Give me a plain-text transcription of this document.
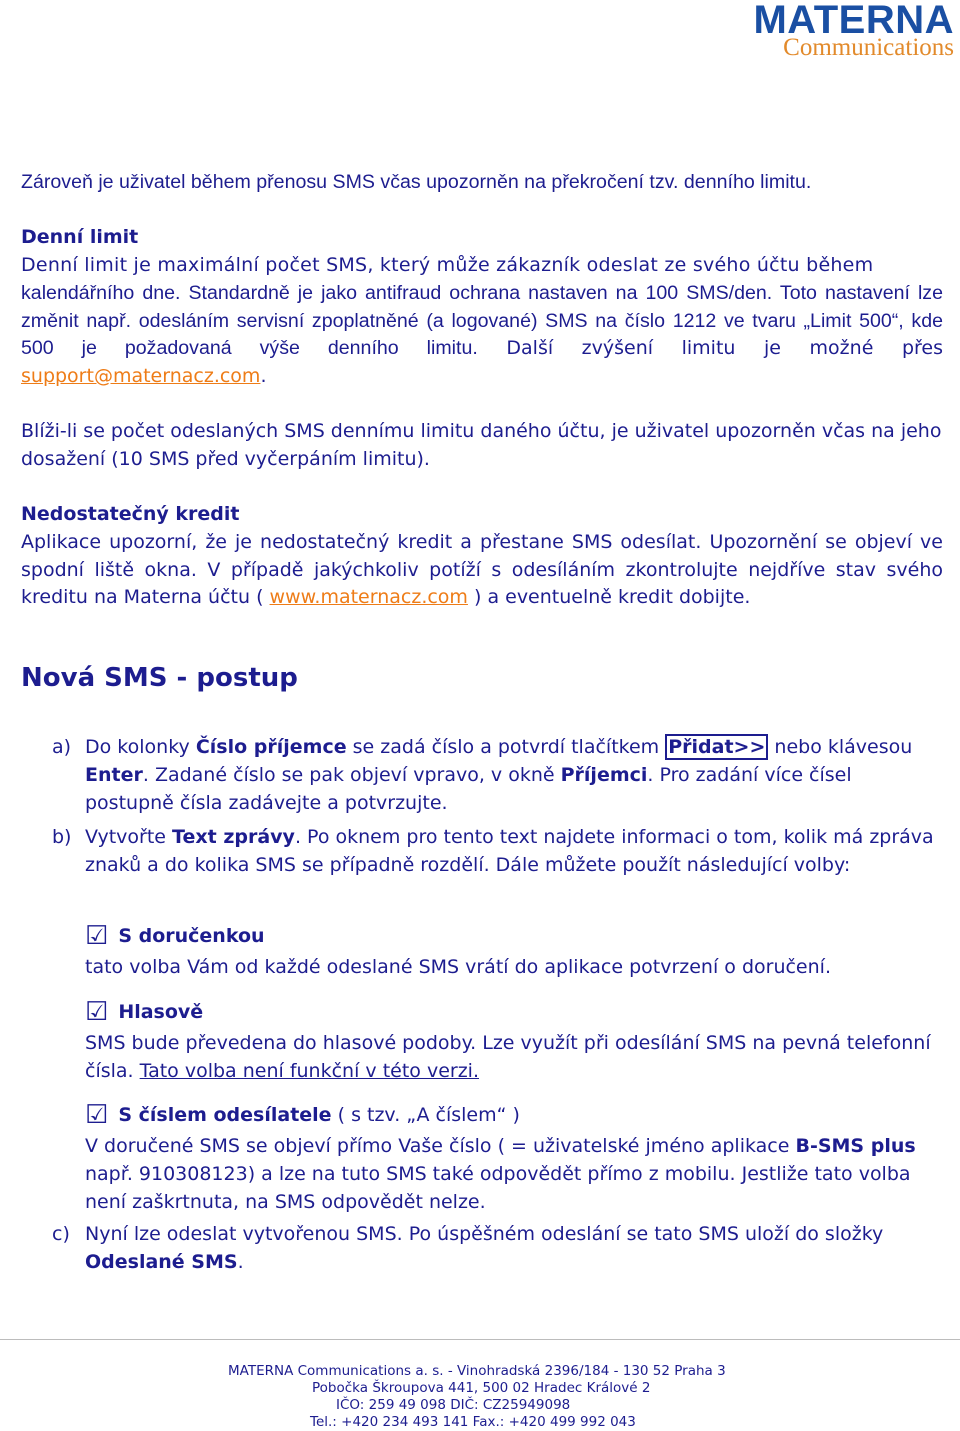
MATERNA
Communications

Zároveň je uživatel během přenosu SMS včas upozorněn na překročení tzv. denního limitu.

Denní limit

Denní limit je maximální počet SMS, který může zákazník odeslat ze svého účtu během

kalendářního dne. Standardně je jako antifraud ochrana nastaven na 100 SMS/den. Toto nastavení lze změnit např. odesláním servisní zpoplatněné (a logované) SMS na číslo 1212 ve tvaru „Limit 500“, kde 500 je požadovaná výše denního limitu. Další zvýšení limitu je možné přes support@maternacz.com.

Blíži-li se počet odeslaných SMS dennímu limitu daného účtu, je uživatel upozorněn včas na jeho dosažení (10 SMS před vyčerpáním limitu).

Nedostatečný kredit

Aplikace upozorní, že je nedostatečný kredit a přestane SMS odesílat. Upozornění se objeví ve spodní liště okna. V případě jakýchkoliv potíží s odesíláním zkontrolujte nejdříve stav svého kreditu na Materna účtu ( www.maternacz.com ) a eventuelně kredit dobijte.

Nová SMS - postup

a) Do kolonky Číslo příjemce se zadá číslo a potvrdí tlačítkem Přidat>> nebo klávesou Enter. Zadané číslo se pak objeví vpravo, v okně Příjemci. Pro zadání více čísel postupně čísla zadávejte a potvrzujte.

b) Vytvořte Text zprávy. Po oknem pro tento text najdete informaci o tom, kolik má zpráva znaků a do kolika SMS se případně rozdělí. Dále můžete použít následující volby:

☑ S doručenkou
tato volba Vám od každé odeslané SMS vrátí do aplikace potvrzení o doručení.
☑ Hlasově
SMS bude převedena do hlasové podoby. Lze využít při odesílání SMS na pevná telefonní čísla. Tato volba není funkční v této verzi.
☑ S číslem odesílatele ( s tzv. „A číslem“ )
V doručené SMS se objeví přímo Vaše číslo ( = uživatelské jméno aplikace B-SMS plus např. 910308123) a lze na tuto SMS také odpovědět přímo z mobilu. Jestliže tato volba není zaškrtnuta, na SMS odpovědět nelze.

c) Nyní lze odeslat vytvořenou SMS. Po úspěšném odeslání se tato SMS uloží do složky Odeslané SMS.

MATERNA Communications a. s. - Vinohradská 2396/184 - 130 52 Praha 3
Pobočka Škroupova 441, 500 02 Hradec Králové 2
IČO: 259 49 098 DIČ: CZ25949098
Tel.: +420 234 493 141 Fax.: +420 499 992 043
